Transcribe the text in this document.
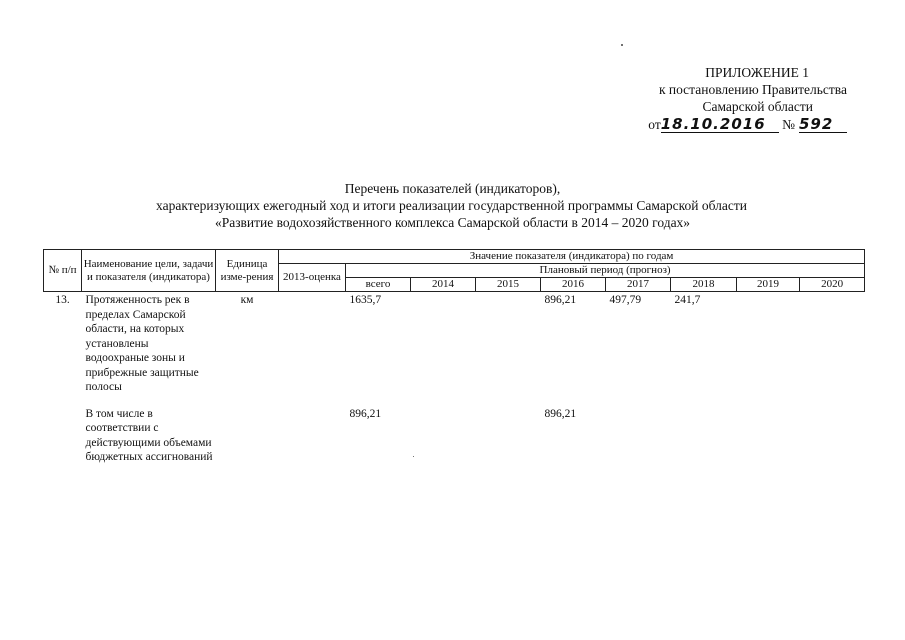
ПРИЛОЖЕНИЕ 1
к постановлению Правительства
Самарской области
от18.10.2016 № 592
Перечень показателей (индикаторов),
характеризующих ежегодный ход и итоги реализации государственной программы Самарской области
«Развитие водохозяйственного комплекса Самарской области в 2014 – 2020 годах»
№ п/п	Наименование цели, задачи и показателя (индикатора)	Единица изме-рения	Значение показателя (индикатора) по годам								
			2013-оценка	Плановый период (прогноз)							
				всего	2014	2015	2016	2017	2018	2019	2020
13.	Протяженность рек в пределах Самарской области, на которых установлены водоохраные зоны и прибрежные защитные полосы	км		1635,7			896,21	497,79	241,7		

	В том числе в соответствии с действующими объемами бюджетных ассигнований			896,21			896,21				
